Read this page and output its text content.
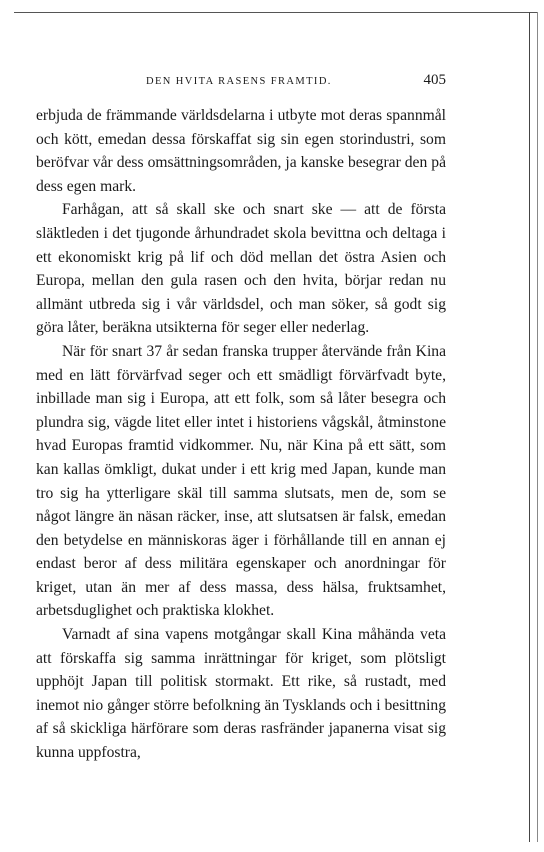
DEN HVITA RASENS FRAMTID.	405

erbjuda de främmande världsdelarna i utbyte mot deras spannmål och kött, emedan dessa förskaffat sig sin egen storindustri, som beröfvar vår dess omsättningsområden, ja kanske besegrar den på dess egen mark.

Farhågan, att så skall ske och snart ske — att de första släktleden i det tjugonde århundradet skola bevittna och deltaga i ett ekonomiskt krig på lif och död mellan det östra Asien och Europa, mellan den gula rasen och den hvita, börjar redan nu allmänt utbreda sig i vår världsdel, och man söker, så godt sig göra låter, beräkna utsikterna för seger eller nederlag.

När för snart 37 år sedan franska trupper återvände från Kina med en lätt förvärfvad seger och ett smädligt förvärfvadt byte, inbillade man sig i Europa, att ett folk, som så låter besegra och plundra sig, vägde litet eller intet i historiens vågskål, åtminstone hvad Europas framtid vidkommer. Nu, när Kina på ett sätt, som kan kallas ömkligt, dukat under i ett krig med Japan, kunde man tro sig ha ytterligare skäl till samma slutsats, men de, som se något längre än näsan räcker, inse, att slutsatsen är falsk, emedan den betydelse en människoras äger i förhållande till en annan ej endast beror af dess militära egenskaper och anordningar för kriget, utan än mer af dess massa, dess hälsa, fruktsamhet, arbetsduglighet och praktiska klokhet.

Varnadt af sina vapens motgångar skall Kina måhända veta att förskaffa sig samma inrättningar för kriget, som plötsligt upphöjt Japan till politisk stormakt. Ett rike, så rustadt, med inemot nio gånger större befolkning än Tysklands och i besittning af så skickliga härförare som deras rasfränder japanerna visat sig kunna uppfostra,
